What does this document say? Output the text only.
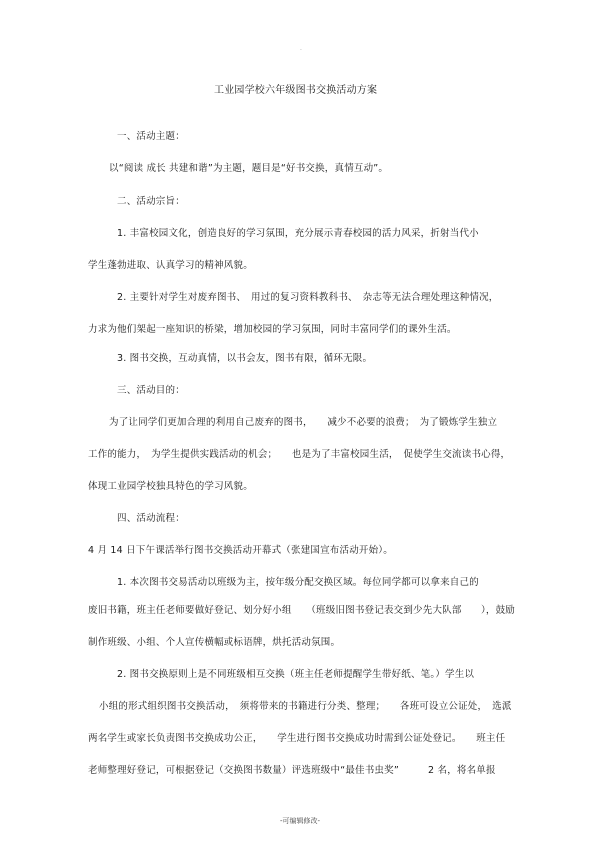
.
工业园学校六年级图书交换活动方案
一、活动主题：
以“阅读 成长 共建和谐”为主题，题目是“好书交换，真情互动”。
二、活动宗旨：
1. 丰富校园文化，创造良好的学习氛围，充分展示青春校园的活力风采，折射当代小
学生蓬勃进取、认真学习的精神风貌。
2. 主要针对学生对废弃图书、　用过的复习资料教科书、　杂志等无法合理处理这种情况，
力求为他们架起一座知识的桥梁，增加校园的学习氛围，同时丰富同学们的课外生活。
3. 图书交换，互动真情，以书会友，图书有限，循环无限。
三、活动目的：
为了让同学们更加合理的利用自己废弃的图书，　　减少不必要的浪费；　为了锻炼学生独立
工作的能力，　为学生提供实践活动的机会；　　也是为了丰富校园生活，　促使学生交流读书心得，
体现工业园学校独具特色的学习风貌。
四、活动流程：
4 月 14 日下午课活举行图书交换活动开幕式（张建国宣布活动开始）。
1. 本次图书交易活动以班级为主，按年级分配交换区域。每位同学都可以拿来自己的
废旧书籍，班主任老师要做好登记、划分好小组　　（班级旧图书登记表交到少先大队部　　），鼓励
制作班级、小组、个人宣传横幅或标语牌，烘托活动氛围。
2. 图书交换原则上是不同班级相互交换（班主任老师提醒学生带好纸、笔。）学生以
小组的形式组织图书交换活动，　须将带来的书籍进行分类、整理；　　各班可设立公证处，　选派
两名学生或家长负责图书交换成功公正，　　学生进行图书交换成功时需到公证处登记。　　班主任
老师整理好登记，可根据登记（交换图书数量）评选班级中“最佳书虫奖”　　　2 名，将名单报
-可编辑修改-
